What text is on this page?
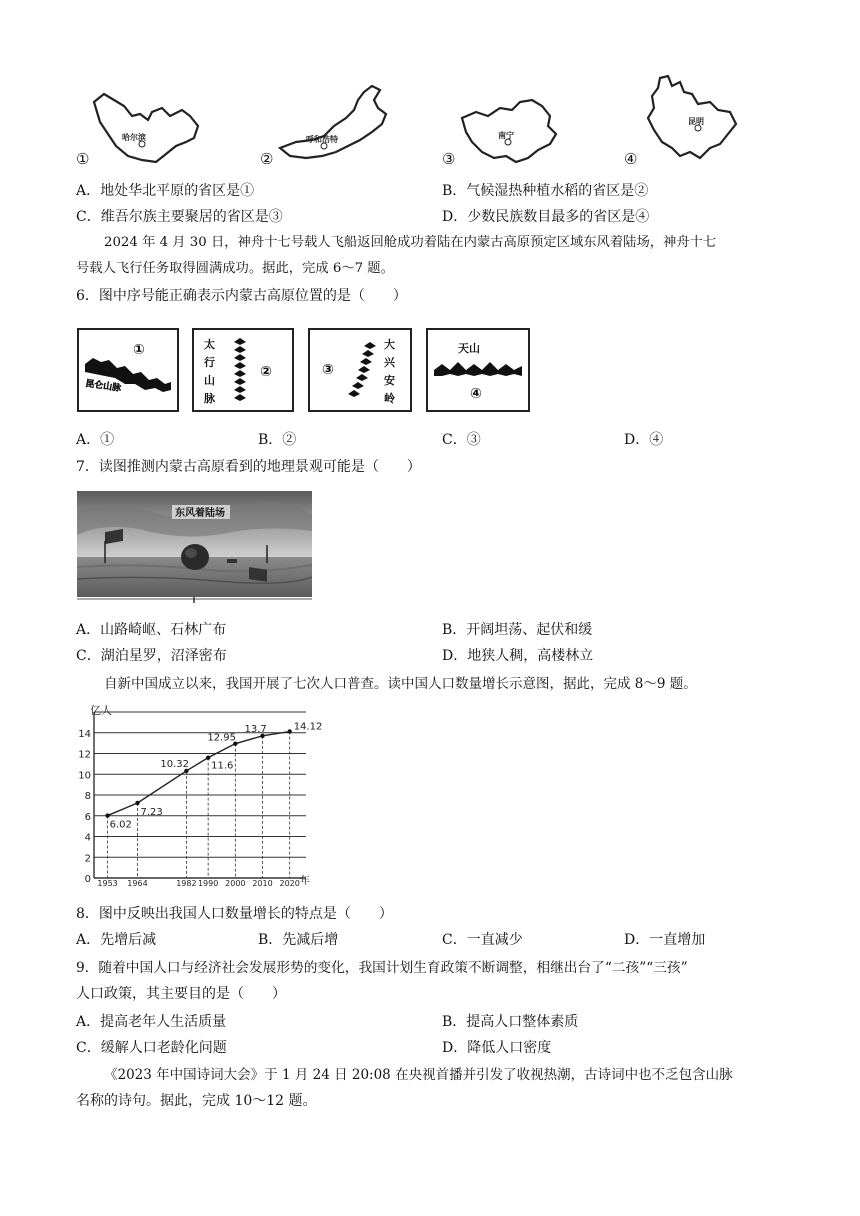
①
哈尔滨
②
呼和浩特
③
南宁
④
昆明
A．地处华北平原的省区是①	B．气候湿热种植水稻的省区是②
C．维吾尔族主要聚居的省区是③	D．少数民族数目最多的省区是④
2024 年 4 月 30 日，神舟十七号载人飞船返回舱成功着陆在内蒙古高原预定区域东风着陆场，神舟十七
号载人飞行任务取得圆满成功。据此，完成 6～7 题。
6．图中序号能正确表示内蒙古高原位置的是（　　）
①
昆仑山脉
太
行
山
脉
②	③
大
兴
安
岭
天山
④
A．①	B．②	C．③	D．④
7．读图推测内蒙古高原看到的地理景观可能是（　　）
东风着陆场
A．山路崎岖、石林广布	B．开阔坦荡、起伏和缓
C．湖泊星罗，沼泽密布	D．地狭人稠，高楼林立
自新中国成立以来，我国开展了七次人口普查。读中国人口数量增长示意图，据此，完成 8～9 题。
0
2
4
6
8
10
12
14
1953 1964	1982 1990 2000 2010 2020
6.02
7.23
10.32 11.6
12.95
13.7	14.12
亿人
年
8．图中反映出我国人口数量增长的特点是（　　）
A．先增后减	B．先减后增	C．一直减少	D．一直增加
9．随着中国人口与经济社会发展形势的变化，我国计划生育政策不断调整，相继出台了“二孩”“三孩”
人口政策，其主要目的是（　　）
A．提高老年人生活质量	B．提高人口整体素质
C．缓解人口老龄化问题	D．降低人口密度
《2023 年中国诗词大会》于 1 月 24 日 20:08 在央视首播并引发了收视热潮，古诗词中也不乏包含山脉
名称的诗句。据此，完成 10～12 题。
